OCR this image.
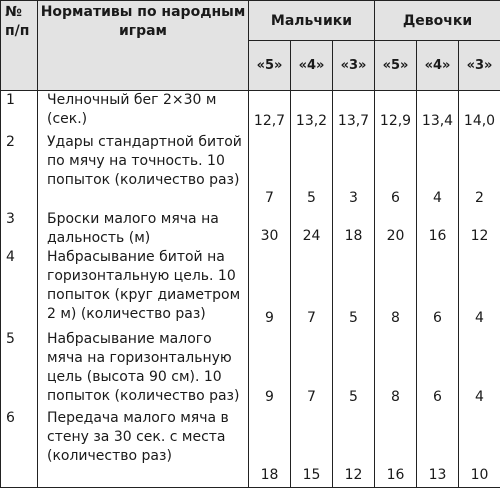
№ п/п	Нормативы по народным играм	Мальчики			Девочки		
		«5»	«4»	«3»	«5»	«4»	«3»
1	Челночный бег 2×30 м (сек.)	12,7	13,2	13,7	12,9	13,4	14,0
2	Удары стандартной битой по мячу на точность. 10 попыток (количество раз)	7	5	3	6	4	2
3	Броски малого мяча на дальность (м)	30	24	18	20	16	12
4	Набрасывание битой на горизонтальную цель. 10 попыток (круг диаметром 2 м) (количество раз)	9	7	5	8	6	4
5	Набрасывание малого мяча на горизонтальную цель (высота 90 см). 10 попыток (количество раз)	9	7	5	8	6	4
6	Передача малого мяча в стену за 30 сек. с места (количество раз)	18	15	12	16	13	10
